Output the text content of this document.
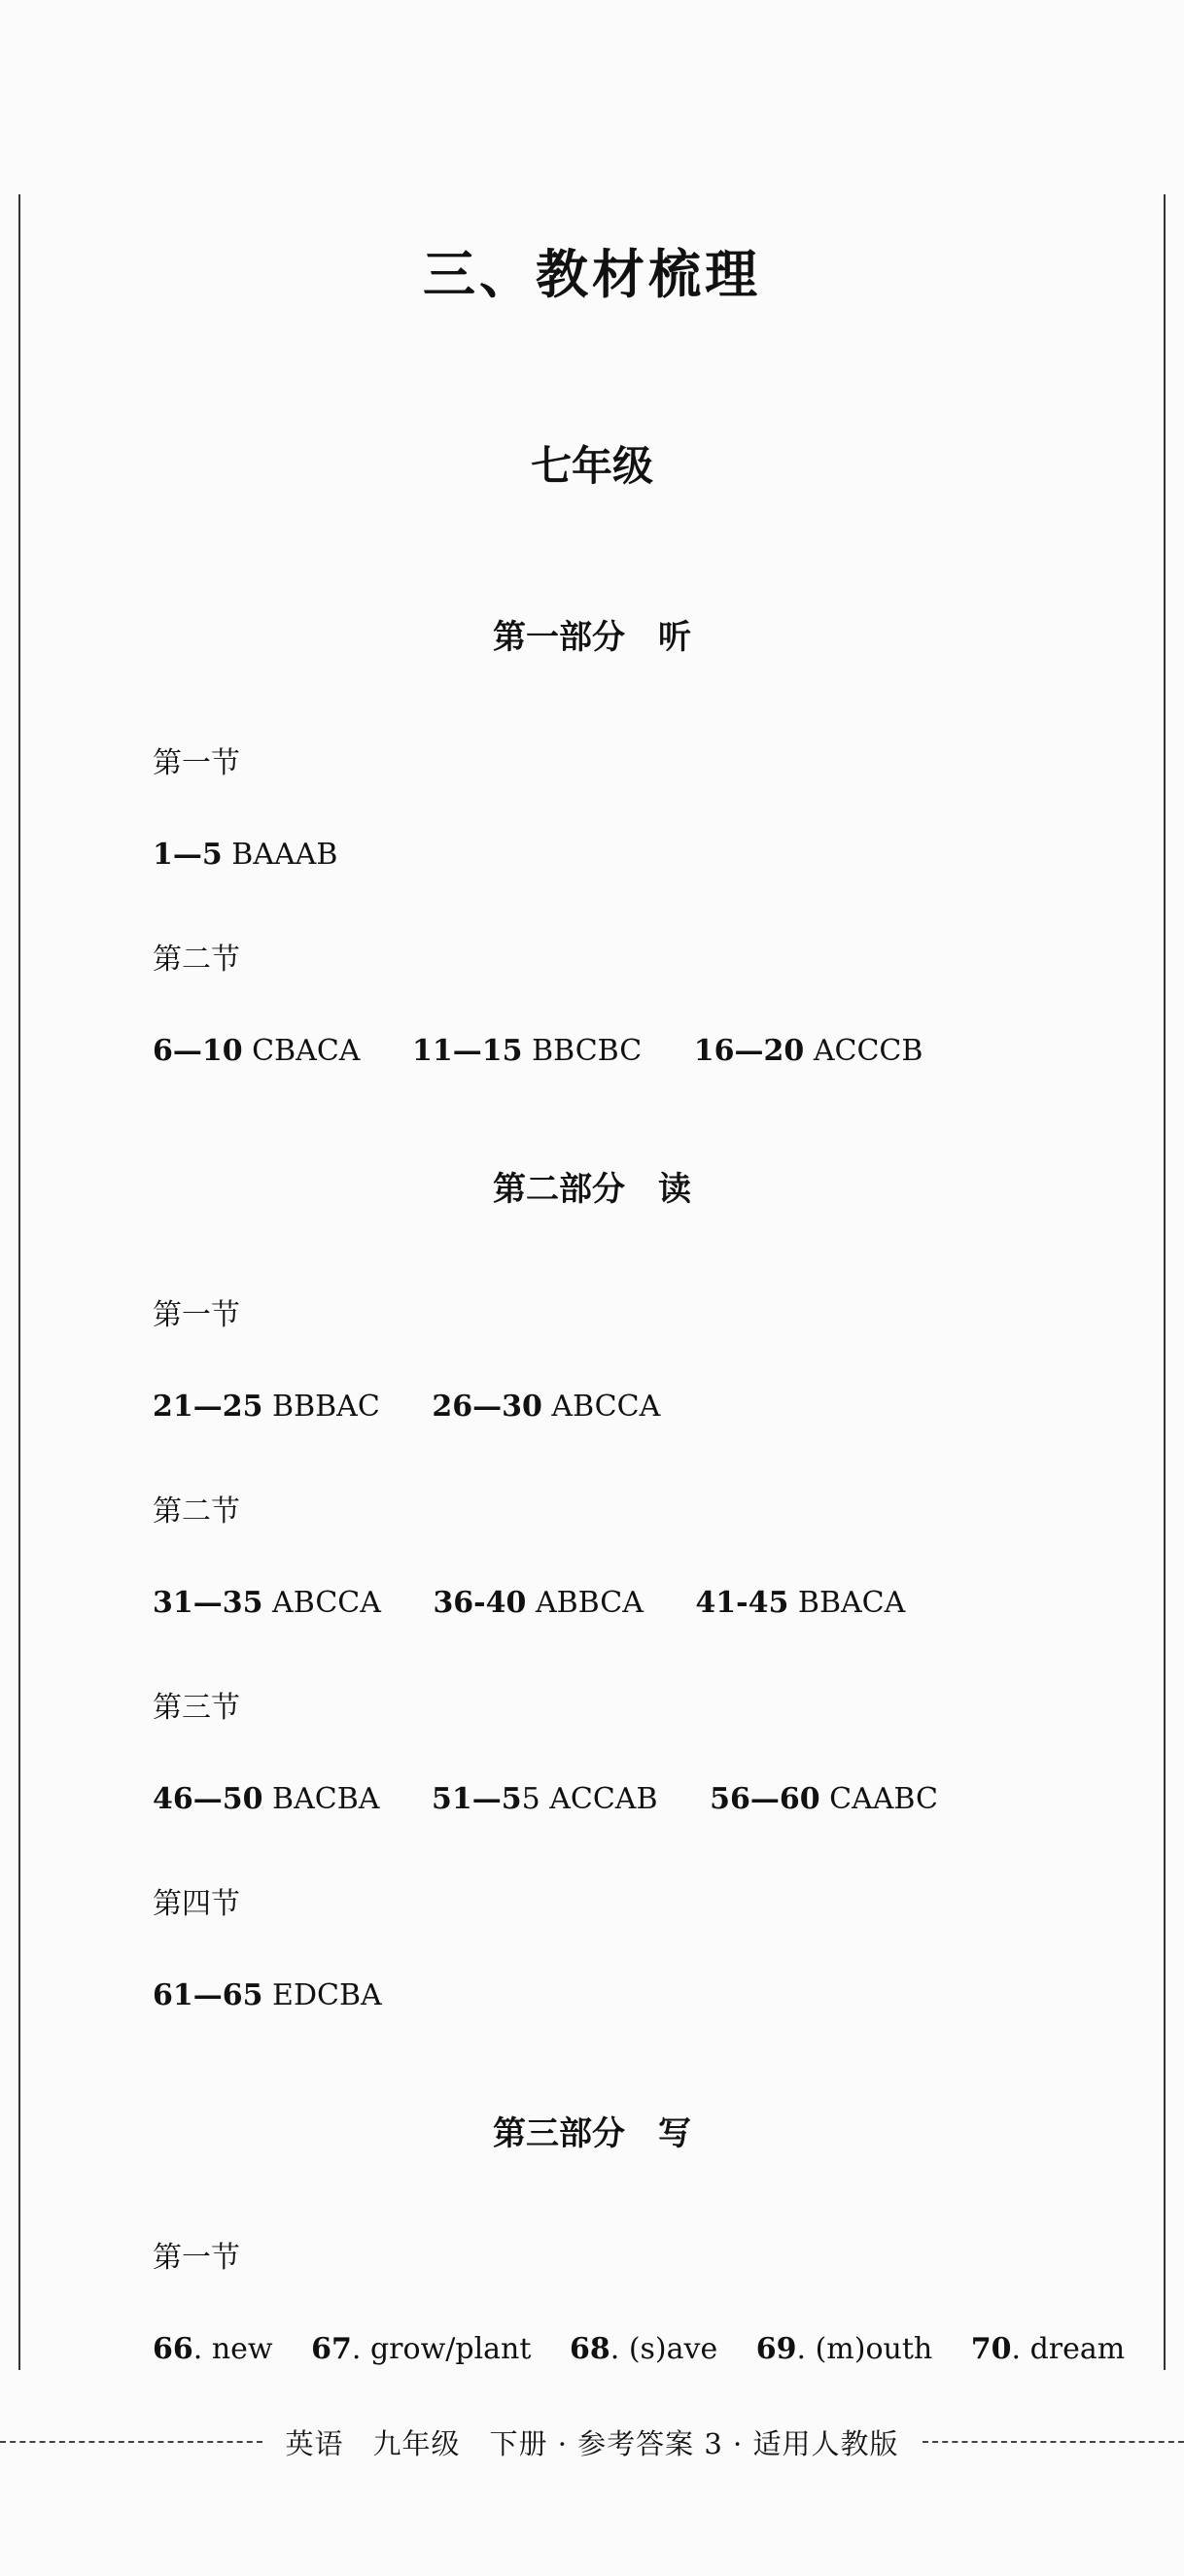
三、教材梳理
七年级
第一部分 听
第一节
1—5 BAAAB
第二节
6—10 CBACA 11—15 BBCBC 16—20 ACCCB
第二部分 读
第一节
21—25 BBBAC 26—30 ABCCA
第二节
31—35 ABCCA 36-40 ABBCA 41-45 BBACA
第三节
46—50 BACBA 51—55 ACCAB 56—60 CAABC
第四节
61—65 EDCBA
第三部分 写
第一节
66. new 67. grow/plant 68. (s)ave 69. (m)outh 70. dream
英语　九年级　下册 · 参考答案 3 · 适用人教版
